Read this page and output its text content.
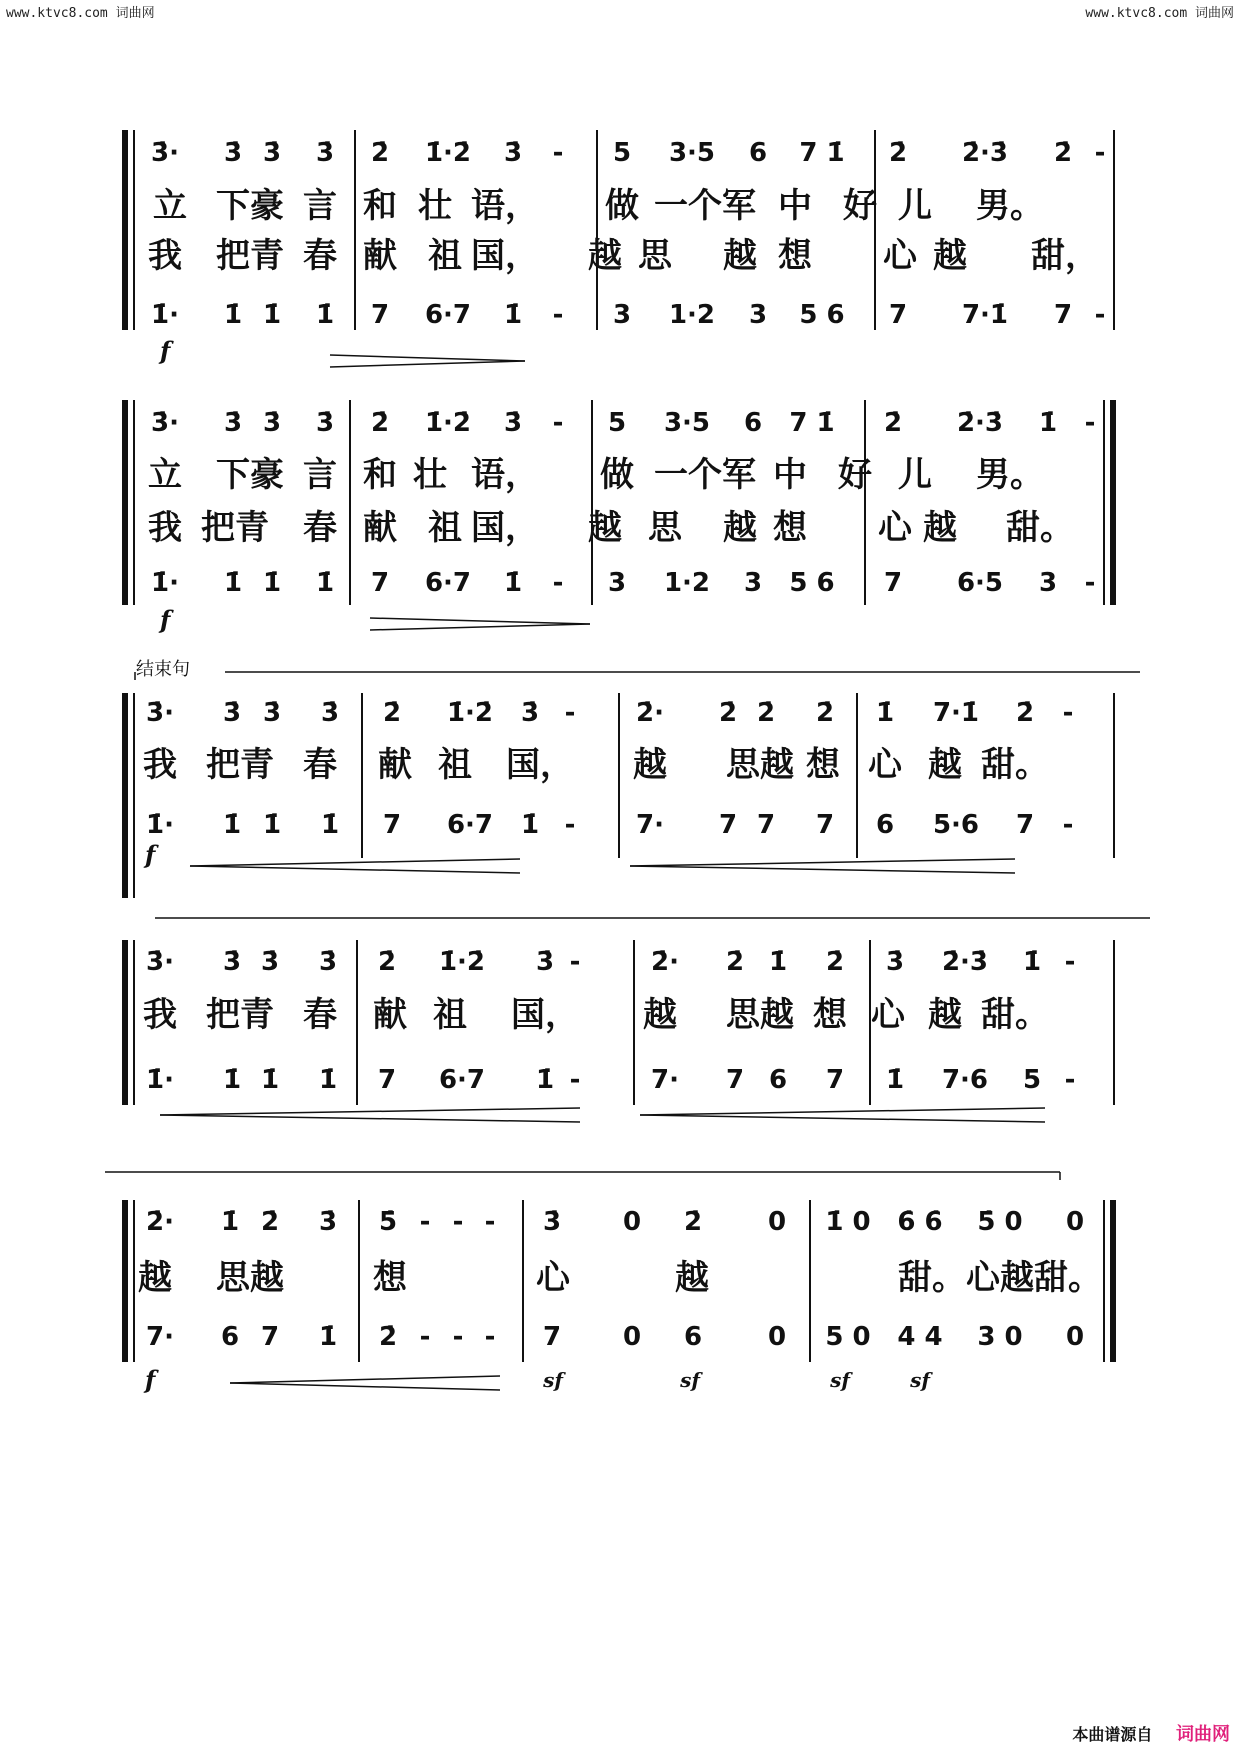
www.ktvc8.com 词曲网	www.ktvc8.com 词曲网
3̇· 3̇ 3̇ 3̇ 2̇ 1̇·2̇ 3̇ - 5 3·5 6 7 1̇ 2̇ 2̇·3̇ 2̇ -
1̇· 1̇ 1̇ 1̇ 7 6·7 1̇ - 3 1·2 3 5 6 7 7·1̇ 7 -
立 下豪 言 和 壮 语， 做 一个军 中 好 儿 男。
我 把青 春 献 祖 国， 越 思 越 想 心 越 甜，
f
3̇· 3̇ 3̇ 3̇ 2̇ 1̇·2̇ 3̇ - 5 3·5 6 7 1̇ 2̇ 2̇·3̇ 1̇ -
1̇· 1̇ 1̇ 1̇ 7 6·7 1̇ - 3 1·2 3 5 6 7 6·5 3 -
立 下豪 言 和 壮 语， 做 一个军 中 好 儿 男。
我 把青 春 献 祖 国， 越 思 越 想 心 越 甜。
f
3̇· 3̇ 3̇ 3̇ 2̇ 1̇·2̇ 3̇ - 2̇· 2̇ 2̇ 2̇ 1̇ 7·1̇ 2̇ -
1̇· 1̇ 1̇ 1̇ 7 6·7 1̇ - 7· 7 7 7 6 5·6 7 -
我 把青 春 献 祖 国， 越 思越 想 心 越 甜。
f
3̇· 3̇ 3̇ 3̇ 2̇ 1̇·2̇ 3̇ -	2̇· 2̇ 1̇ 2̇ 3̇ 2̇·3̇ 1̇ -
1̇· 1̇ 1̇ 1̇ 7 6·7 1̇ -	7· 7 6 7 1̇ 7·6 5 -
我 把青 春 献 祖 国， 越 思越 想 心 越 甜。
2̇· 1̇ 2̇ 3̇ 5̇ - - - 3̇ 0 2̇	0 1̇ 0 6̇ 6̇ 5̇ 0 0
7· 6 7 1̇ 2̇ - - - 7 0 6	0 5 0 4 4 3 0 0
越 思越	想	心	越	甜。心越甜。
f	sf	sf	sf	sf
结束句
本曲谱源自 词曲网
